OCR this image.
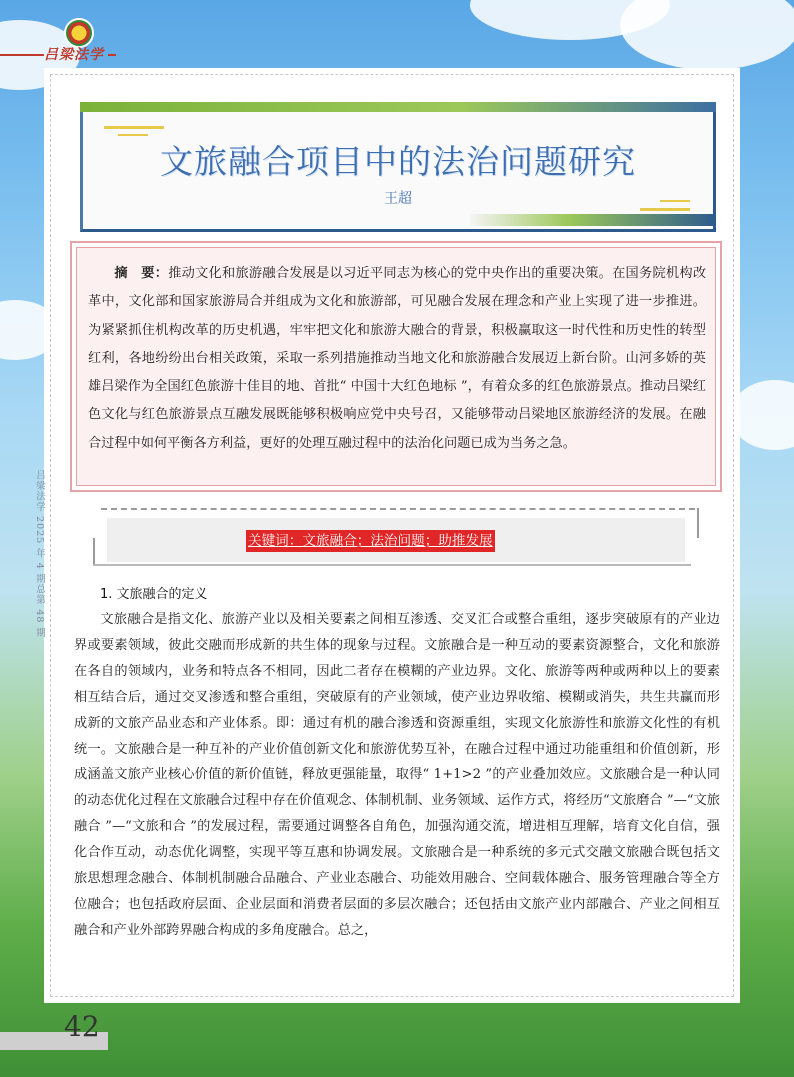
吕梁法学
文旅融合项目中的法治问题研究
王超
摘　要：推动文化和旅游融合发展是以习近平同志为核心的党中央作出的重要决策。在国务院机构改革中，文化部和国家旅游局合并组成为文化和旅游部，可见融合发展在理念和产业上实现了进一步推进。为紧紧抓住机构改革的历史机遇，牢牢把文化和旅游大融合的背景，积极赢取这一时代性和历史性的转型红利，各地纷纷出台相关政策，采取一系列措施推动当地文化和旅游融合发展迈上新台阶。山河多娇的英雄吕梁作为全国红色旅游十佳目的地、首批“ 中国十大红色地标 ”，有着众多的红色旅游景点。推动吕梁红色文化与红色旅游景点互融发展既能够积极响应党中央号召，又能够带动吕梁地区旅游经济的发展。在融合过程中如何平衡各方利益，更好的处理互融过程中的法治化问题已成为当务之急。
关键词：文旅融合；法治问题；助推发展
1. 文旅融合的定义
文旅融合是指文化、旅游产业以及相关要素之间相互渗透、交叉汇合或整合重组，逐步突破原有的产业边界或要素领域，彼此交融而形成新的共生体的现象与过程。文旅融合是一种互动的要素资源整合，文化和旅游在各自的领域内，业务和特点各不相同，因此二者存在模糊的产业边界。文化、旅游等两种或两种以上的要素相互结合后，通过交叉渗透和整合重组，突破原有的产业领域，使产业边界收缩、模糊或消失，共生共赢而形成新的文旅产品业态和产业体系。即：通过有机的融合渗透和资源重组，实现文化旅游性和旅游文化性的有机统一。文旅融合是一种互补的产业价值创新文化和旅游优势互补，在融合过程中通过功能重组和价值创新，形成涵盖文旅产业核心价值的新价值链，释放更强能量，取得“ 1+1>2 ”的产业叠加效应。文旅融合是一种认同的动态优化过程在文旅融合过程中存在价值观念、体制机制、业务领域、运作方式，将经历“文旅磨合 ”—“文旅融合 ”—“文旅和合 ”的发展过程，需要通过调整各自角色，加强沟通交流，增进相互理解，培育文化自信，强化合作互动，动态优化调整，实现平等互惠和协调发展。文旅融合是一种系统的多元式交融文旅融合既包括文旅思想理念融合、体制机制融合品融合、产业业态融合、功能效用融合、空间载体融合、服务管理融合等全方位融合；也包括政府层面、企业层面和消费者层面的多层次融合；还包括由文旅产业内部融合、产业之间相互融合和产业外部跨界融合构成的多角度融合。总之，
吕梁法学 2025 年 4 期总第 48 期
42
